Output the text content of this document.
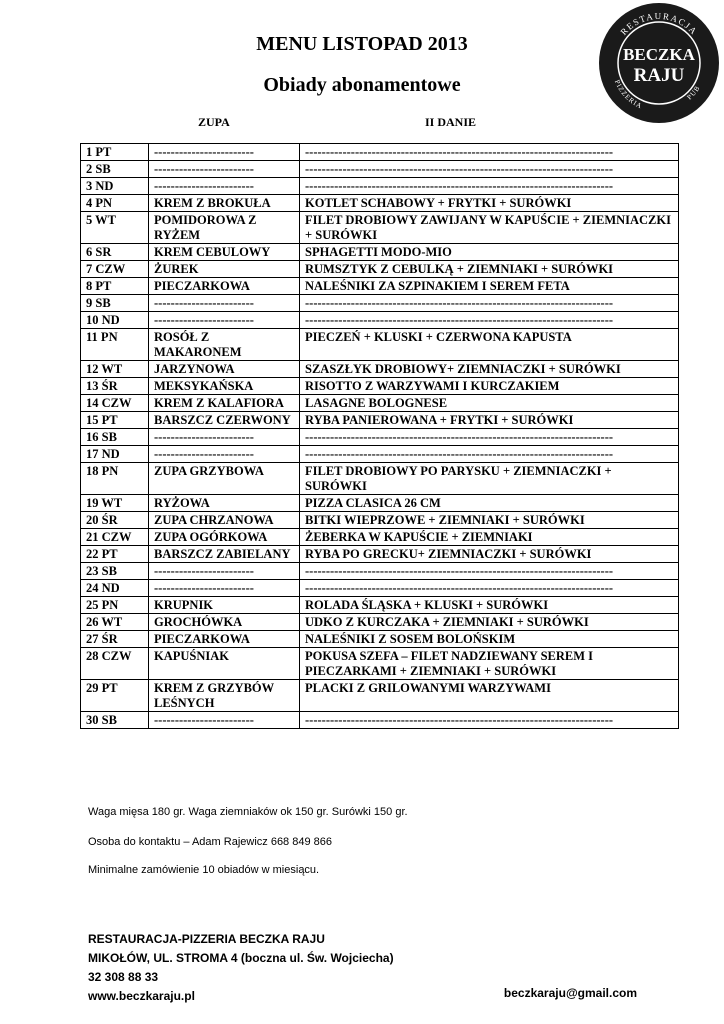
MENU LISTOPAD 2013
Obiady abonamentowe
ZUPA	II DANIE
RESTAURACJA
PIZZERIA
PUB
BECZKA
RAJU
1 PT	------------------------	--------------------------------------------------------------------------
2 SB	------------------------	--------------------------------------------------------------------------
3 ND	------------------------	--------------------------------------------------------------------------
4 PN	KREM Z BROKUŁA	KOTLET SCHABOWY + FRYTKI + SURÓWKI
5 WT	POMIDOROWA Z RYŻEM	FILET DROBIOWY ZAWIJANY W KAPUŚCIE + ZIEMNIACZKI + SURÓWKI
6 SR	KREM CEBULOWY	SPHAGETTI MODO-MIO
7 CZW	ŻUREK	RUMSZTYK Z CEBULKĄ + ZIEMNIAKI + SURÓWKI
8 PT	PIECZARKOWA	NALEŚNIKI ZA SZPINAKIEM I SEREM FETA
9 SB	------------------------	--------------------------------------------------------------------------
10 ND	------------------------	--------------------------------------------------------------------------
11 PN	ROSÓŁ Z MAKARONEM	PIECZEŃ + KLUSKI + CZERWONA KAPUSTA
12 WT	JARZYNOWA	SZASZŁYK DROBIOWY+ ZIEMNIACZKI + SURÓWKI
13 ŚR	MEKSYKAŃSKA	RISOTTO Z WARZYWAMI I KURCZAKIEM
14 CZW	KREM Z KALAFIORA	LASAGNE BOLOGNESE
15 PT	BARSZCZ CZERWONY	RYBA PANIEROWANA + FRYTKI + SURÓWKI
16 SB	------------------------	--------------------------------------------------------------------------
17 ND	------------------------	--------------------------------------------------------------------------
18 PN	ZUPA GRZYBOWA	FILET DROBIOWY PO PARYSKU + ZIEMNIACZKI + SURÓWKI
19 WT	RYŻOWA	PIZZA CLASICA 26 CM
20 ŚR	ZUPA CHRZANOWA	BITKI WIEPRZOWE + ZIEMNIAKI + SURÓWKI
21 CZW	ZUPA OGÓRKOWA	ŻEBERKA W KAPUŚCIE + ZIEMNIAKI
22 PT	BARSZCZ ZABIELANY	RYBA PO GRECKU+ ZIEMNIACZKI + SURÓWKI
23 SB	------------------------	--------------------------------------------------------------------------
24 ND	------------------------	--------------------------------------------------------------------------
25 PN	KRUPNIK	ROLADA ŚLĄSKA + KLUSKI + SURÓWKI
26 WT	GROCHÓWKA	UDKO Z KURCZAKA + ZIEMNIAKI + SURÓWKI
27 ŚR	PIECZARKOWA	NALEŚNIKI Z SOSEM BOLOŃSKIM
28 CZW	KAPUŚNIAK	POKUSA SZEFA – FILET NADZIEWANY SEREM I PIECZARKAMI + ZIEMNIAKI + SURÓWKI
29 PT	KREM Z GRZYBÓW LEŚNYCH	PLACKI Z GRILOWANYMI WARZYWAMI
30 SB	------------------------	--------------------------------------------------------------------------
Waga mięsa 180 gr. Waga ziemniaków ok 150 gr. Surówki 150 gr.
Osoba do kontaktu – Adam Rajewicz 668 849 866
Minimalne zamówienie 10 obiadów w miesiącu.
RESTAURACJA-PIZZERIA BECZKA RAJU
MIKOŁÓW, UL. STROMA 4 (boczna ul. Św. Wojciecha)
32 308 88 33
www.beczkaraju.pl	beczkaraju@gmail.com
